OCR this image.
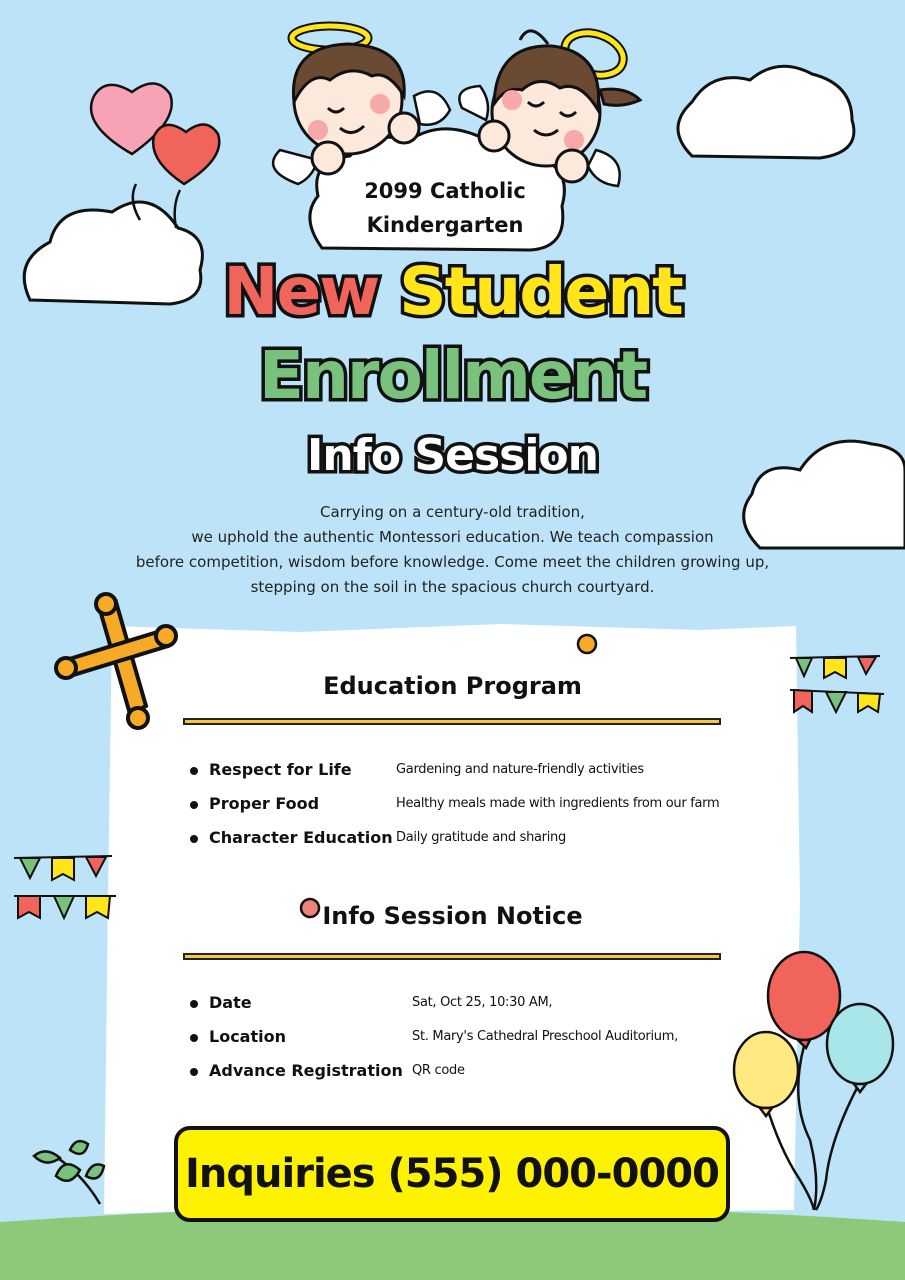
2099 Catholic
Kindergarten
New Student
Enrollment
Info Session
Carrying on a century-old tradition,
we uphold the authentic Montessori education. We teach compassion
before competition, wisdom before knowledge. Come meet the children growing up,
stepping on the soil in the spacious church courtyard.
Education Program
Respect for Life	Gardening and nature-friendly activities
Proper Food	Healthy meals made with ingredients from our farm
Character Education Daily gratitude and sharing
Info Session Notice
Date	Sat, Oct 25, 10:30 AM,
Location	St. Mary's Cathedral Preschool Auditorium,
Advance Registration QR code
Inquiries (555) 000-0000
